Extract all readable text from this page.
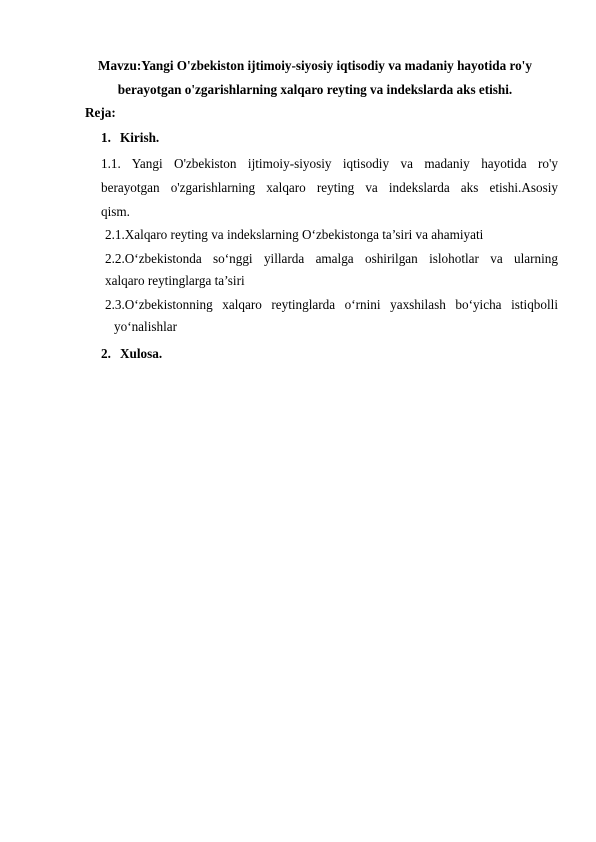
Mavzu:Yangi O'zbekiston ijtimoiy-siyosiy iqtisodiy va madaniy hayotida ro'y
berayotgan o'zgarishlarning xalqaro reyting va indekslarda aks etishi.
Reja:
1. Kirish.
1.1. Yangi O'zbekiston ijtimoiy-siyosiy iqtisodiy va madaniy hayotida ro'y
berayotgan o'zgarishlarning xalqaro reyting va indekslarda aks etishi.Asosiy
qism.
2.1.Xalqaro reyting va indekslarning O‘zbekistonga ta’siri va ahamiyati
2.2.O‘zbekistonda so‘nggi yillarda amalga oshirilgan islohotlar va ularning
xalqaro reytinglarga ta’siri
2.3.O‘zbekistonning xalqaro reytinglarda o‘rnini yaxshilash bo‘yicha istiqbolli
yo‘nalishlar
2. Xulosa.
